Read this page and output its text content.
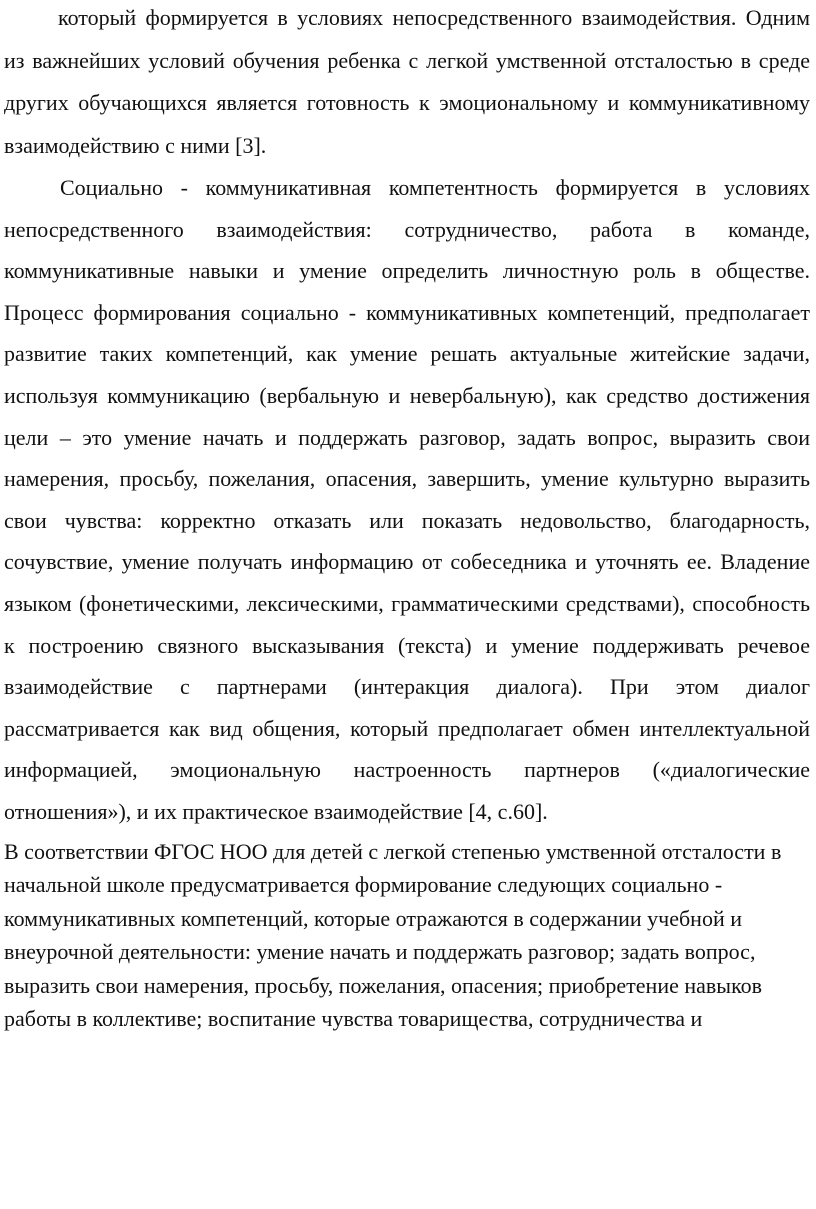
который формируется в условиях непосредственного взаимодействия. Одним из важнейших условий обучения ребенка с легкой умственной отсталостью в среде других обучающихся является готовность к эмоциональному и коммуникативному взаимодействию с ними [3].

Социально - коммуникативная компетентность формируется в условиях непосредственного взаимодействия: сотрудничество, работа в команде, коммуникативные навыки и умение определить личностную роль в обществе. Процесс формирования социально - коммуникативных компетенций, предполагает развитие таких компетенций, как умение решать актуальные житейские задачи, используя коммуникацию (вербальную и невербальную), как средство достижения цели – это умение начать и поддержать разговор, задать вопрос, выразить свои намерения, просьбу, пожелания, опасения, завершить, умение культурно выразить свои чувства: корректно отказать или показать недовольство, благодарность, сочувствие, умение получать информацию от собеседника и уточнять ее. Владение языком (фонетическими, лексическими, грамматическими средствами), способность к построению связного высказывания (текста) и умение поддерживать речевое взаимодействие с партнерами (интеракция диалога). При этом диалог рассматривается как вид общения, который предполагает обмен интеллектуальной информацией, эмоциональную настроенность партнеров («диалогические отношения»), и их практическое взаимодействие [4, с.60].

В соответствии ФГОС НОО для детей с легкой степенью умственной отсталости в начальной школе предусматривается формирование следующих социально - коммуникативных компетенций, которые отражаются в содержании учебной и внеурочной деятельности: умение начать и поддержать разговор; задать вопрос, выразить свои намерения, просьбу, пожелания, опасения; приобретение навыков работы в коллективе; воспитание чувства товарищества, сотрудничества и
